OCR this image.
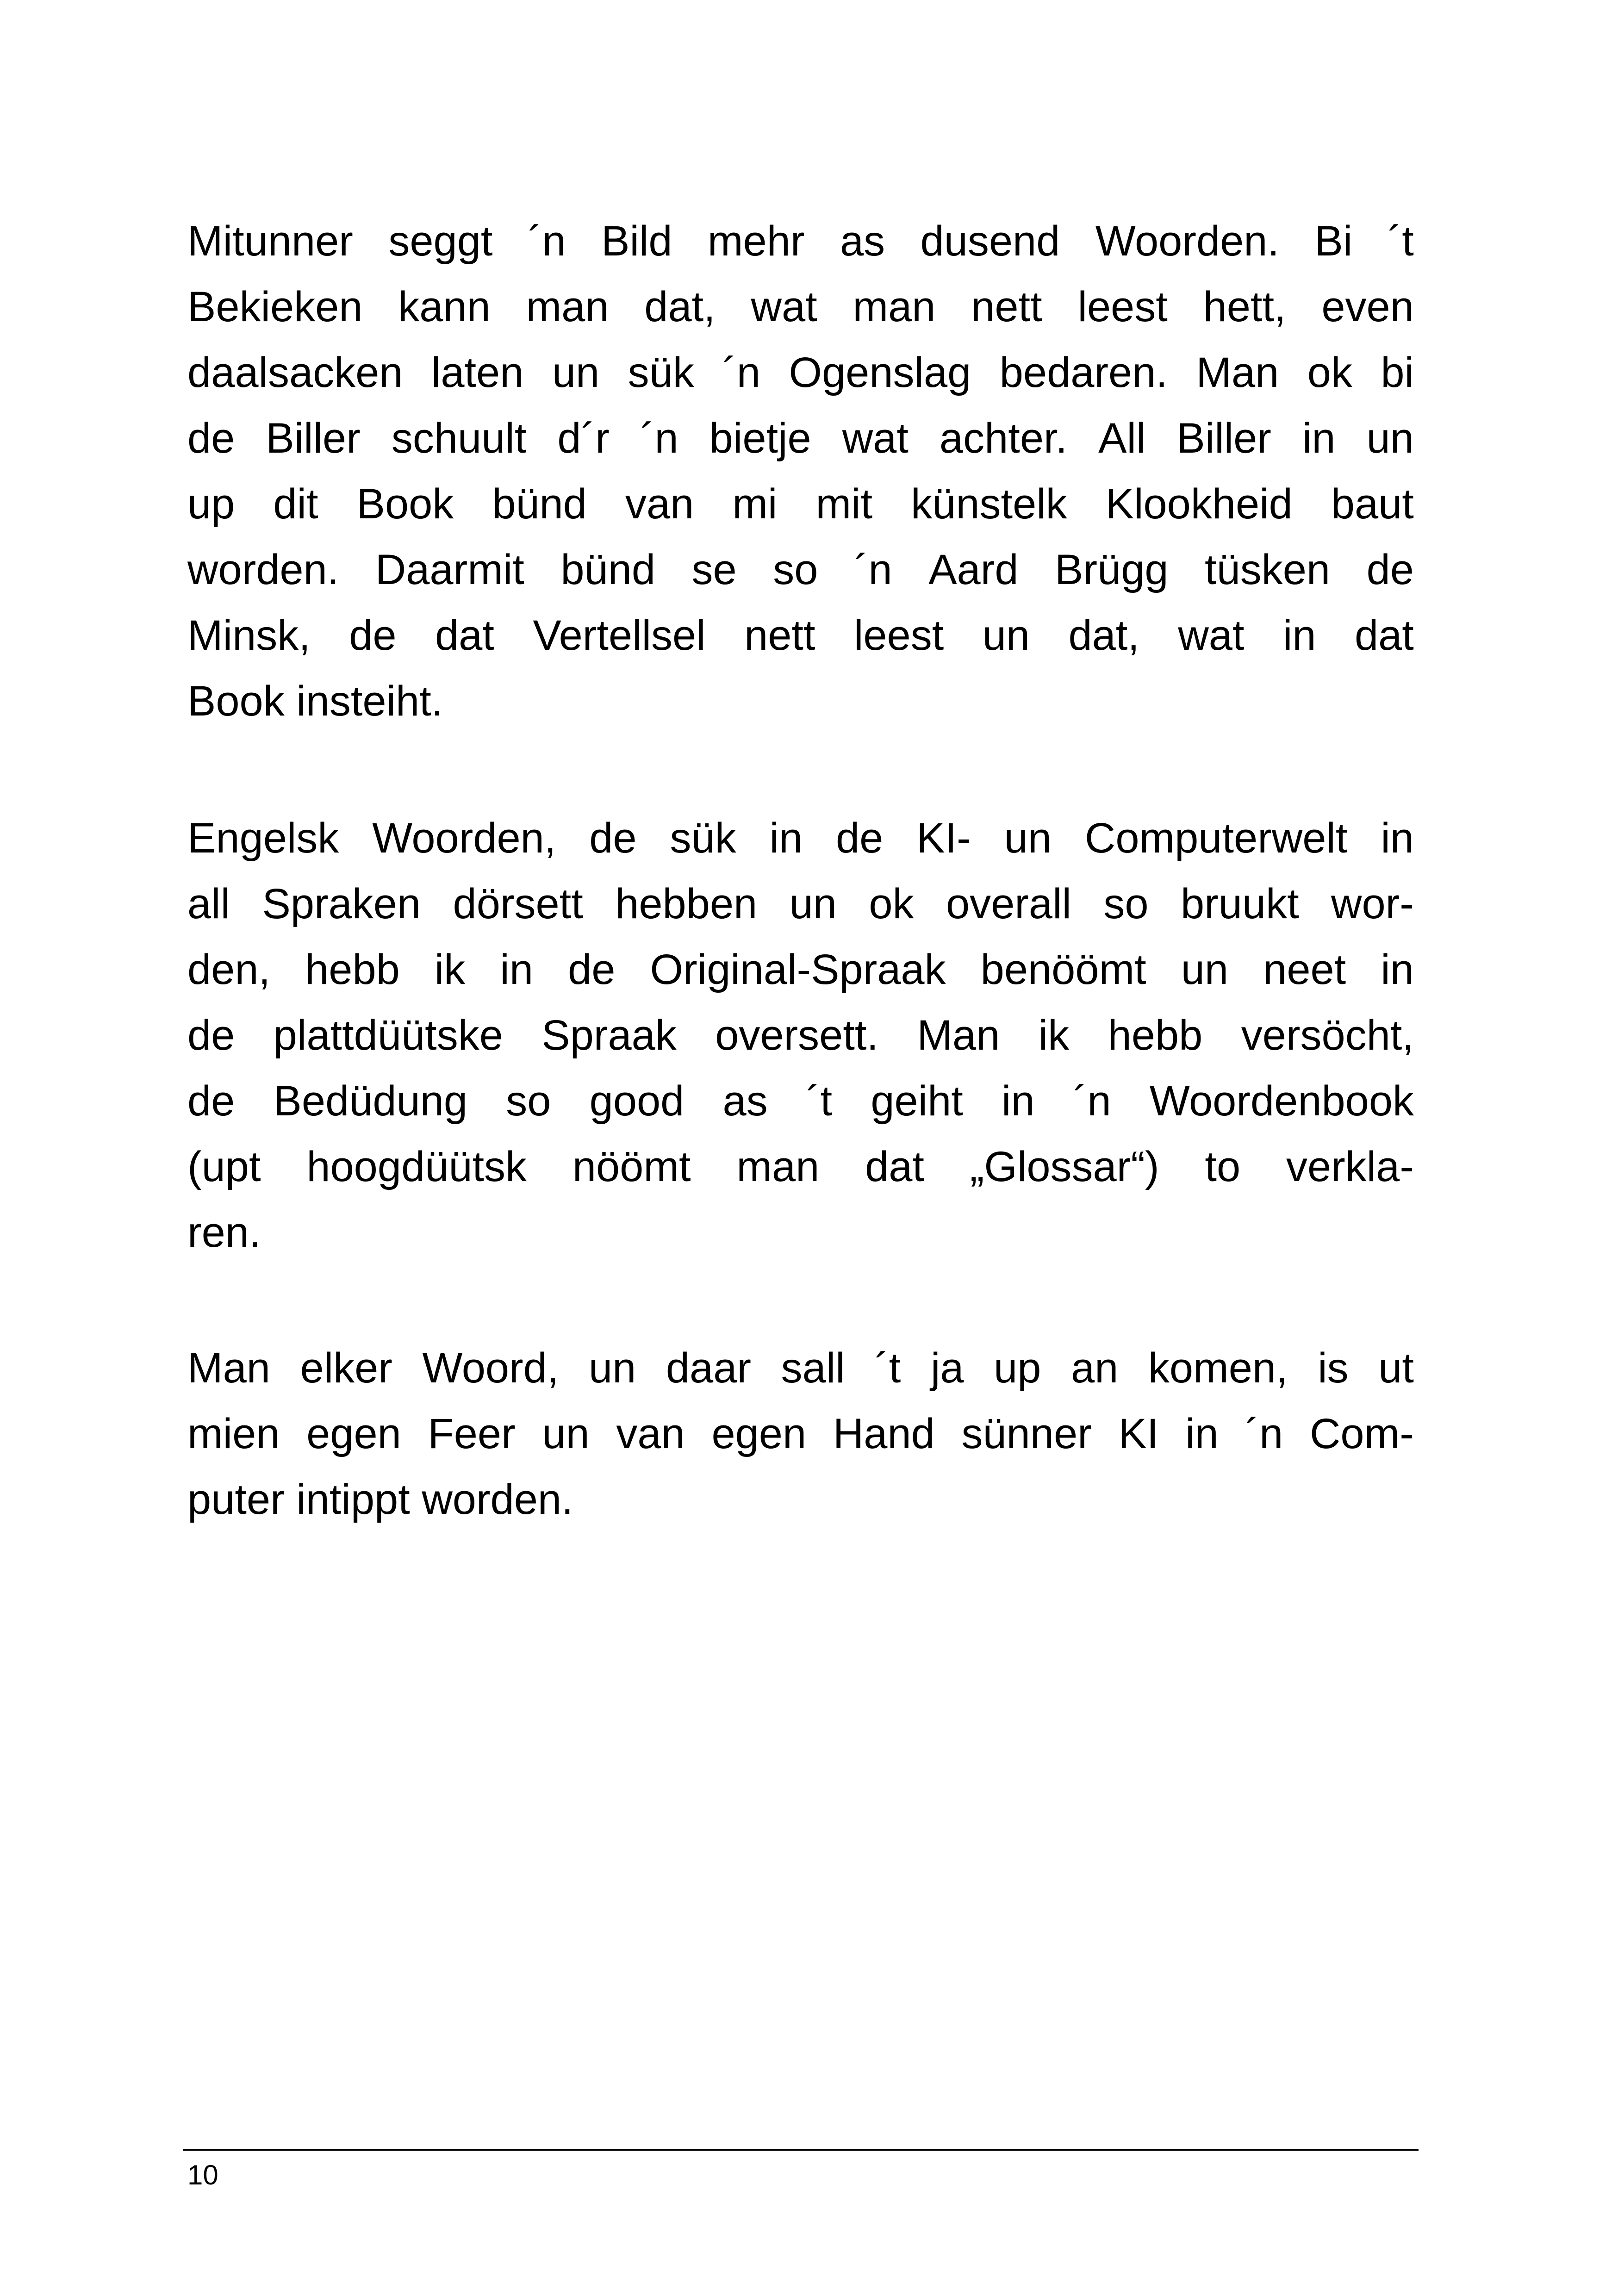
Mitunner seggt ´n Bild mehr as dusend Woorden. Bi ´t
Bekieken kann man dat, wat man nett leest hett, even
daalsacken laten un sük ´n Ogenslag bedaren. Man ok bi
de Biller schuult d´r ´n bietje wat achter. All Biller in un
up dit Book bünd van mi mit künstelk Klookheid baut
worden. Daarmit bünd se so ´n Aard Brügg tüsken de
Minsk, de dat Vertellsel nett leest un dat, wat in dat
Book insteiht.
Engelsk Woorden, de sük in de KI- un Computerwelt in
all Spraken dörsett hebben un ok overall so bruukt wor-
den, hebb ik in de Original-Spraak benöömt un neet in
de plattdüütske Spraak oversett. Man ik hebb versöcht,
de Bedüdung so good as ´t geiht in ´n Woordenbook
(upt hoogdüütsk nöömt man dat „Glossar“) to verkla-
ren.
Man elker Woord, un daar sall ´t ja up an komen, is ut
mien egen Feer un van egen Hand sünner KI in ´n Com-
puter intippt worden.
10
